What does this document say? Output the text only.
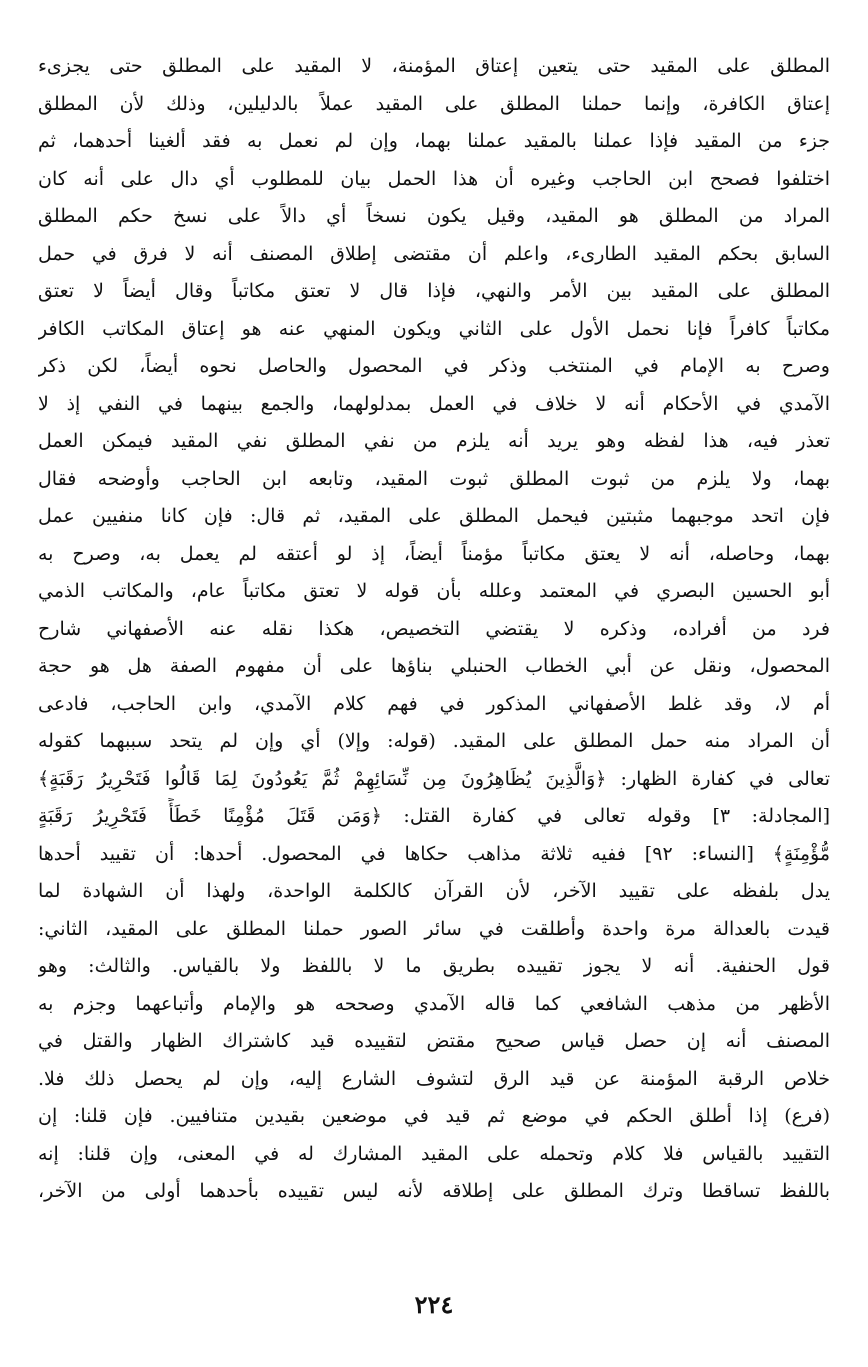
المطلق على المقيد حتى يتعين إعتاق المؤمنة، لا المقيد على المطلق حتى يجزىء
إعتاق الكافرة، وإنما حملنا المطلق على المقيد عملاً بالدليلين، وذلك لأن المطلق
جزء من المقيد فإذا عملنا بالمقيد عملنا بهما، وإن لم نعمل به فقد ألغينا أحدهما، ثم
اختلفوا فصحح ابن الحاجب وغيره أن هذا الحمل بيان للمطلوب أي دال على أنه كان
المراد من المطلق هو المقيد، وقيل يكون نسخاً أي دالاً على نسخ حكم المطلق
السابق بحكم المقيد الطارىء، واعلم أن مقتضى إطلاق المصنف أنه لا فرق في حمل
المطلق على المقيد بين الأمر والنهي، فإذا قال لا تعتق مكاتباً وقال أيضاً لا تعتق
مكاتباً كافراً فإنا نحمل الأول على الثاني ويكون المنهي عنه هو إعتاق المكاتب الكافر
وصرح به الإمام في المنتخب وذكر في المحصول والحاصل نحوه أيضاً، لكن ذكر
الآمدي في الأحكام أنه لا خلاف في العمل بمدلولهما، والجمع بينهما في النفي إذ لا
تعذر فيه، هذا لفظه وهو يريد أنه يلزم من نفي المطلق نفي المقيد فيمكن العمل
بهما، ولا يلزم من ثبوت المطلق ثبوت المقيد، وتابعه ابن الحاجب وأوضحه فقال
فإن اتحد موجبهما مثبتين فيحمل المطلق على المقيد، ثم قال: فإن كانا منفيين عمل
بهما، وحاصله، أنه لا يعتق مكاتباً مؤمناً أيضاً، إذ لو أعتقه لم يعمل به، وصرح به
أبو الحسين البصري في المعتمد وعلله بأن قوله لا تعتق مكاتباً عام، والمكاتب الذمي
فرد من أفراده، وذكره لا يقتضي التخصيص، هكذا نقله عنه الأصفهاني شارح
المحصول، ونقل عن أبي الخطاب الحنبلي بناؤها على أن مفهوم الصفة هل هو حجة
أم لا، وقد غلط الأصفهاني المذكور في فهم كلام الآمدي، وابن الحاجب، فادعى
أن المراد منه حمل المطلق على المقيد. (قوله: وإلا) أي وإن لم يتحد سببهما كقوله
تعالى في كفارة الظهار: ﴿وَالَّذِينَ يُظَاهِرُونَ مِن نِّسَائِهِمْ ثُمَّ يَعُودُونَ لِمَا قَالُوا فَتَحْرِيرُ رَقَبَةٍ﴾
[المجادلة: ٣] وقوله تعالى في كفارة القتل: ﴿وَمَن قَتَلَ مُؤْمِنًا خَطَأً فَتَحْرِيرُ رَقَبَةٍ
مُّؤْمِنَةٍ﴾ [النساء: ٩٢] ففيه ثلاثة مذاهب حكاها في المحصول. أحدها: أن تقييد أحدها
يدل بلفظه على تقييد الآخر، لأن القرآن كالكلمة الواحدة، ولهذا أن الشهادة لما
قيدت بالعدالة مرة واحدة وأطلقت في سائر الصور حملنا المطلق على المقيد، الثاني:
قول الحنفية. أنه لا يجوز تقييده بطريق ما لا باللفظ ولا بالقياس. والثالث: وهو
الأظهر من مذهب الشافعي كما قاله الآمدي وصححه هو والإمام وأتباعهما وجزم به
المصنف أنه إن حصل قياس صحيح مقتض لتقييده قيد كاشتراك الظهار والقتل في
خلاص الرقبة المؤمنة عن قيد الرق لتشوف الشارع إليه، وإن لم يحصل ذلك فلا.
(فرع) إذا أطلق الحكم في موضع ثم قيد في موضعين بقيدين متنافيين. فإن قلنا: إن
التقييد بالقياس فلا كلام وتحمله على المقيد المشارك له في المعنى، وإن قلنا: إنه
باللفظ تساقطا وترك المطلق على إطلاقه لأنه ليس تقييده بأحدهما أولى من الآخر،
٢٢٤
